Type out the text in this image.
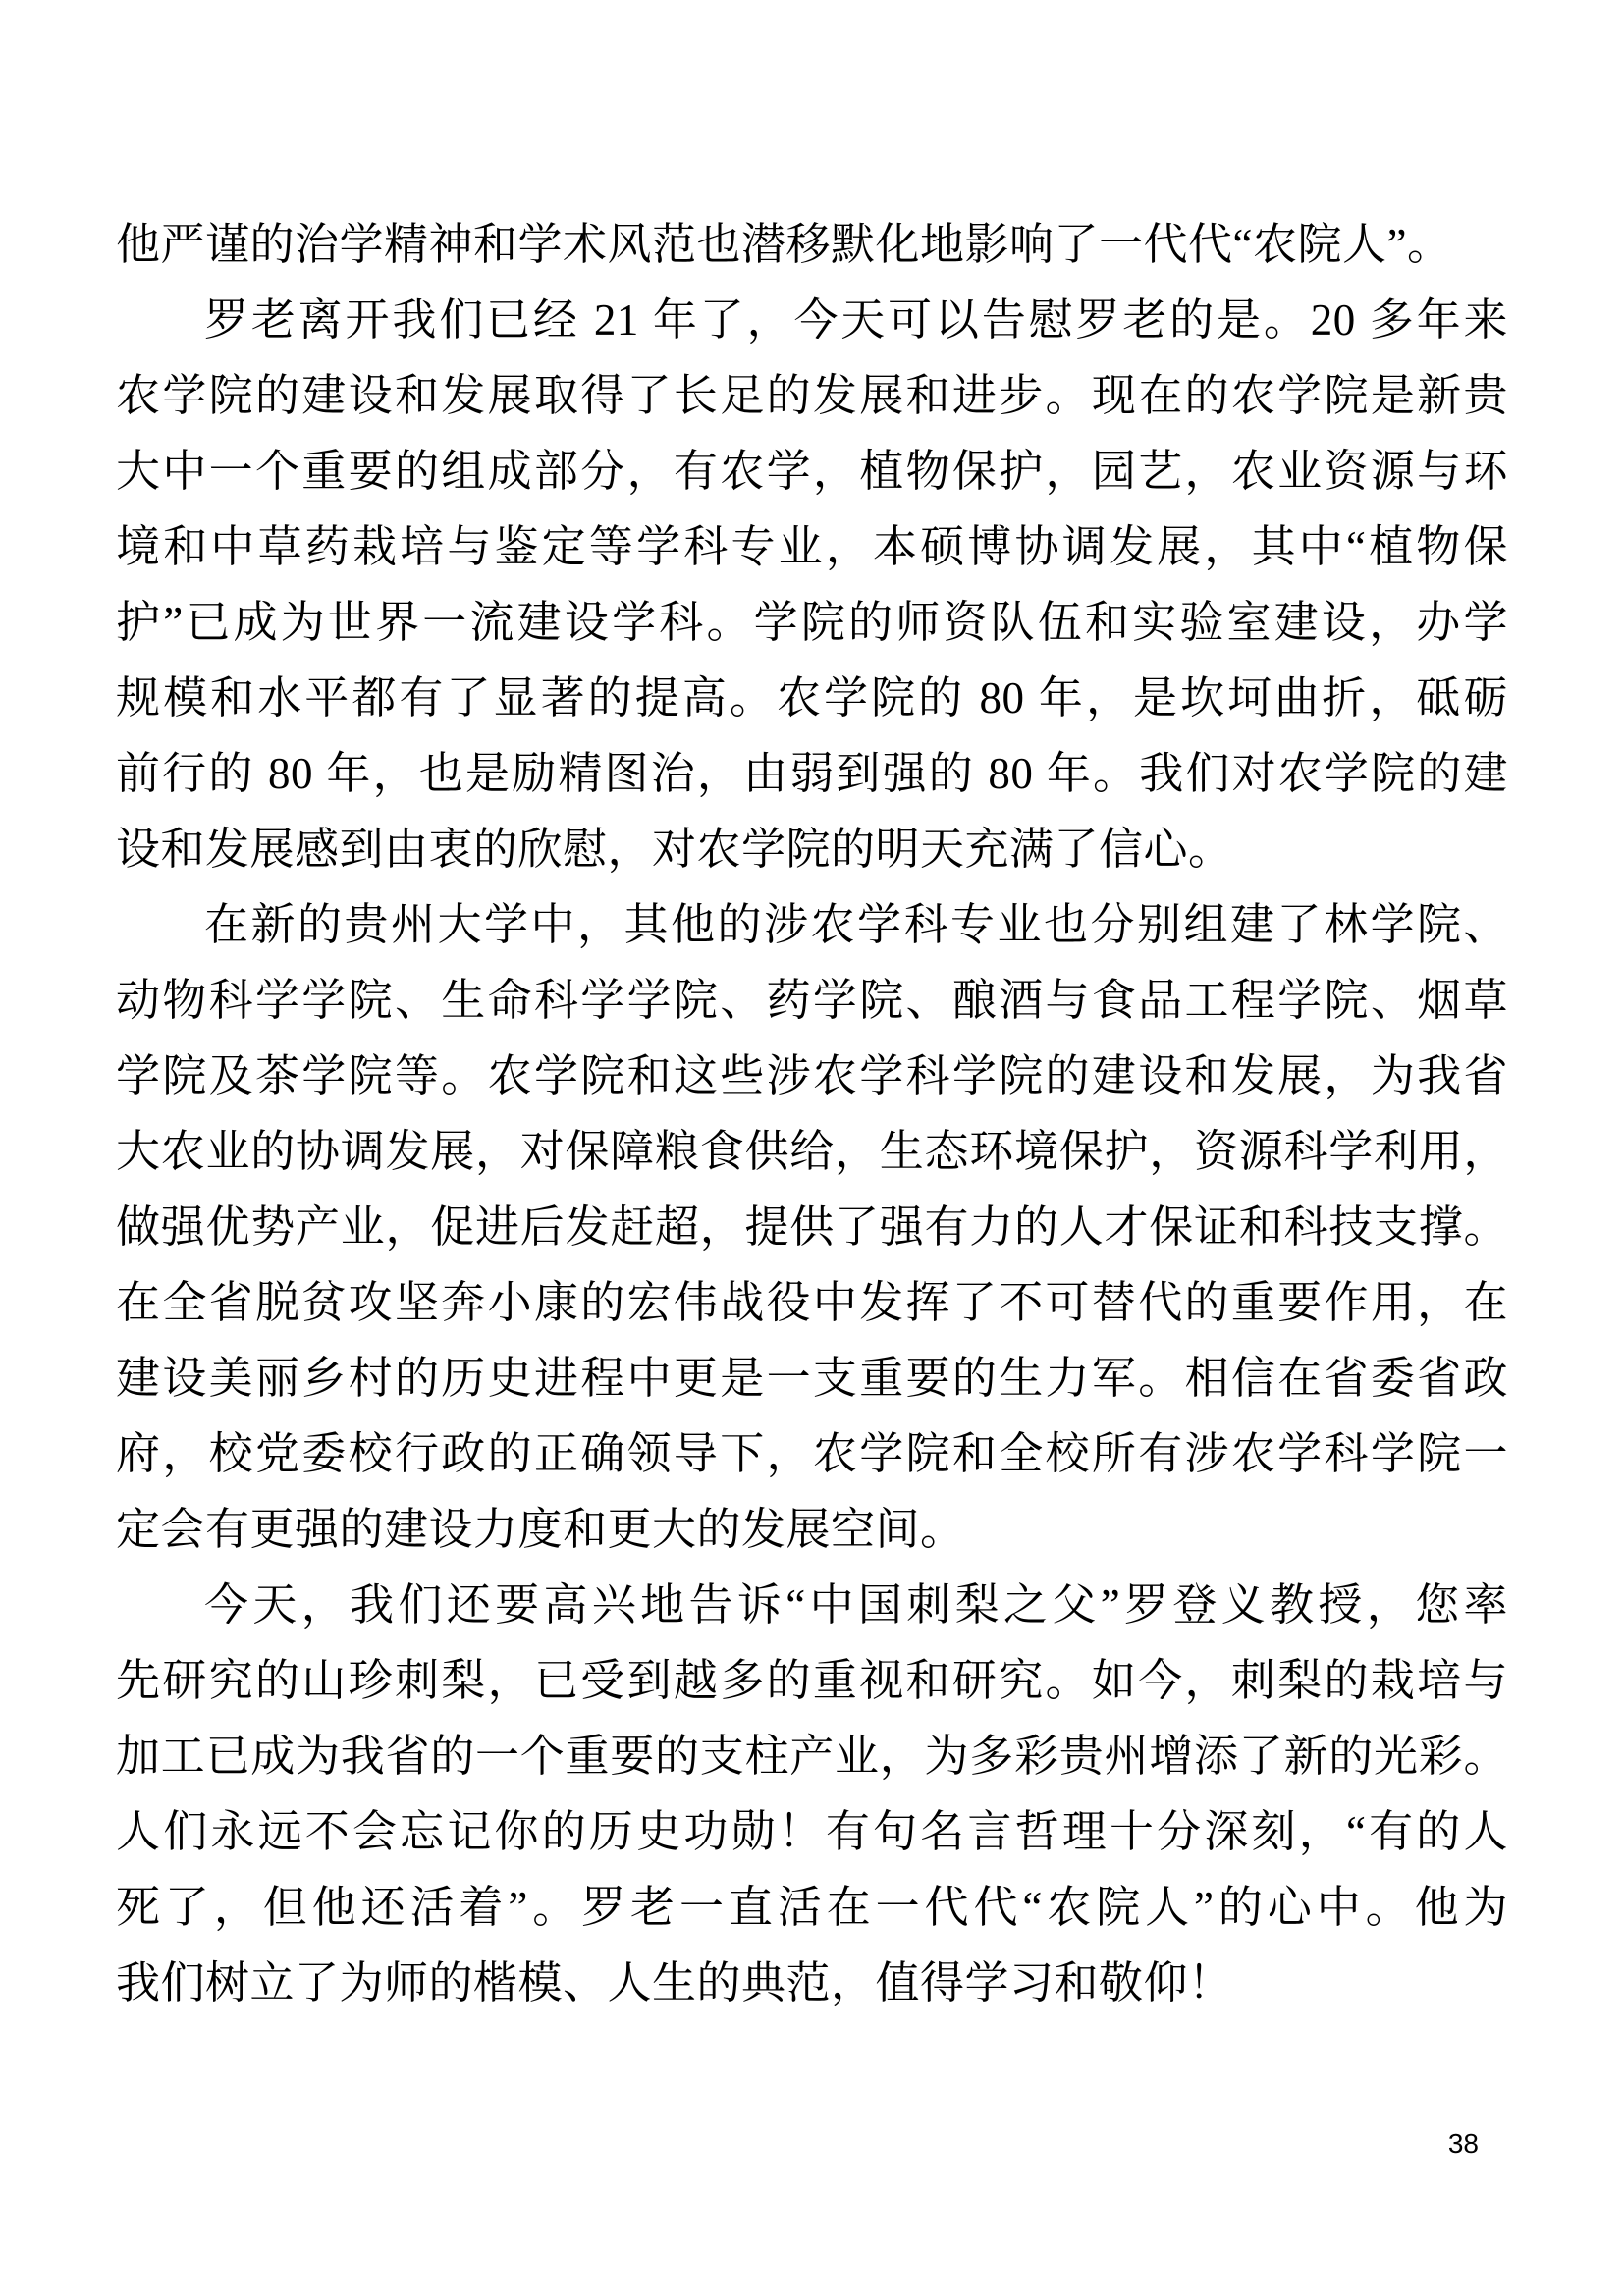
他严谨的治学精神和学术风范也潜移默化地影响了一代代“农院人”。
罗老离开我们已经 21 年了，今天可以告慰罗老的是。20 多年来
农学院的建设和发展取得了长足的发展和进步。现在的农学院是新贵
大中一个重要的组成部分，有农学，植物保护，园艺，农业资源与环
境和中草药栽培与鉴定等学科专业，本硕博协调发展，其中“植物保
护”已成为世界一流建设学科。学院的师资队伍和实验室建设，办学
规模和水平都有了显著的提高。农学院的 80 年，是坎坷曲折，砥砺
前行的 80 年，也是励精图治，由弱到强的 80 年。我们对农学院的建
设和发展感到由衷的欣慰，对农学院的明天充满了信心。
在新的贵州大学中，其他的涉农学科专业也分别组建了林学院、
动物科学学院、生命科学学院、药学院、酿酒与食品工程学院、烟草
学院及茶学院等。农学院和这些涉农学科学院的建设和发展，为我省
大农业的协调发展，对保障粮食供给，生态环境保护，资源科学利用，
做强优势产业，促进后发赶超，提供了强有力的人才保证和科技支撑。
在全省脱贫攻坚奔小康的宏伟战役中发挥了不可替代的重要作用，在
建设美丽乡村的历史进程中更是一支重要的生力军。相信在省委省政
府，校党委校行政的正确领导下，农学院和全校所有涉农学科学院一
定会有更强的建设力度和更大的发展空间。
今天，我们还要高兴地告诉“中国刺梨之父”罗登义教授，您率
先研究的山珍刺梨，已受到越多的重视和研究。如今，刺梨的栽培与
加工已成为我省的一个重要的支柱产业，为多彩贵州增添了新的光彩。
人们永远不会忘记你的历史功勋！有句名言哲理十分深刻，“有的人
死了，但他还活着”。罗老一直活在一代代“农院人”的心中。他为
我们树立了为师的楷模、人生的典范，值得学习和敬仰！
38
